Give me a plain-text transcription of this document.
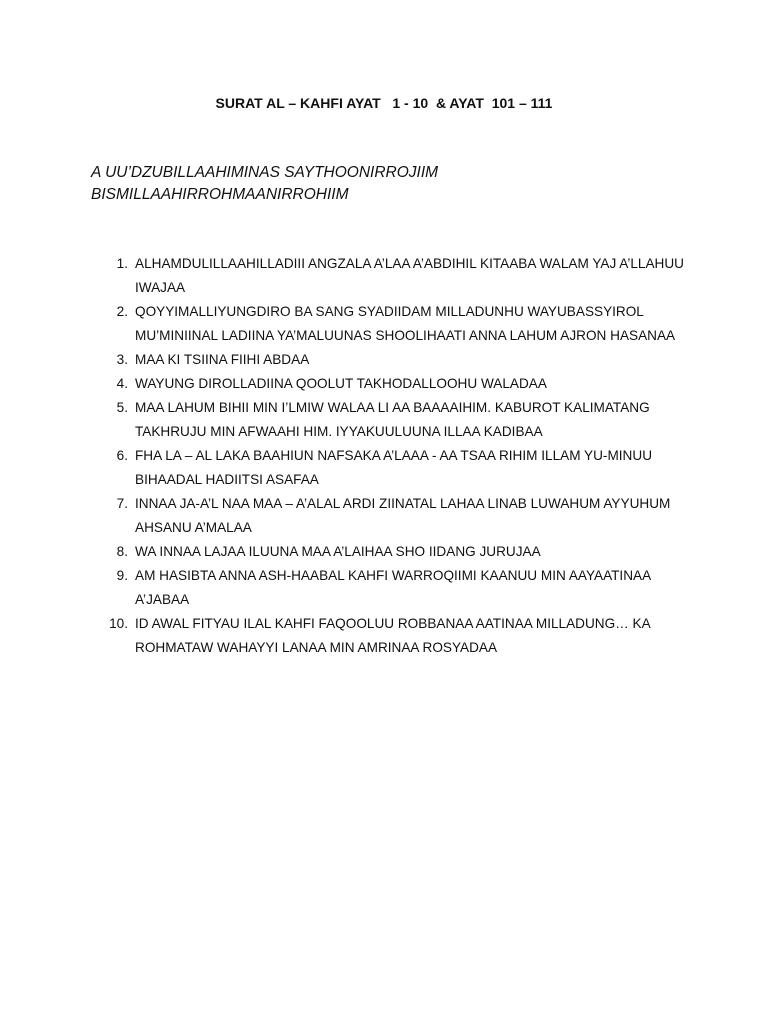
SURAT AL – KAHFI AYAT   1 - 10  & AYAT  101 – 111
A UU’DZUBILLAAHIMINAS SAYTHOONIRROJIIM
BISMILLAAHIRROHMAANIRROHIIM
1. ALHAMDULILLAAHILLADIII ANGZALA A’LAA A’ABDIHIL KITAABA WALAM YAJ A’LLAHUU IWAJAA
2. QOYYIMALLIYUNGDIRO BA SANG SYADIIDAM MILLADUNHU WAYUBASSYIROL MU’MINIINAL LADIINA YA’MALUUNAS SHOOLIHAATI ANNA LAHUM AJRON HASANAA
3. MAA KI TSIINA FIIHI ABDAA
4. WAYUNG DIROLLADIINA QOOLUT TAKHODALLOOHU WALADAA
5. MAA LAHUM BIHII MIN I’LMIW WALAA LI AA BAAAAIHIM. KABUROT KALIMATANG TAKHRUJU MIN AFWAAHI HIM. IYYAKUULUUNA ILLAA KADIBAA
6. FHA LA – AL LAKA BAAHIUN NAFSAKA A’LAAA - AA TSAA RIHIM ILLAM YU-MINUU BIHAADAL HADIITSI ASAFAA
7. INNAA JA-A’L NAA MAA – A’ALAL ARDI ZIINATAL LAHAA LINAB LUWAHUM AYYUHUM AHSANU A’MALAA
8. WA INNAA LAJAA ILUUNA MAA A’LAIHAA SHO IIDANG JURUJAA
9. AM HASIBTA ANNA ASH-HAABAL KAHFI WARROQIIMI KAANUU MIN AAYAATINAA A’JABAA
10. ID AWAL FITYAU ILAL KAHFI FAQOOLUU ROBBANAA AATINAA MILLADUNG… KA ROHMATAW WAHAYYI LANAA MIN AMRINAA ROSYADAA
